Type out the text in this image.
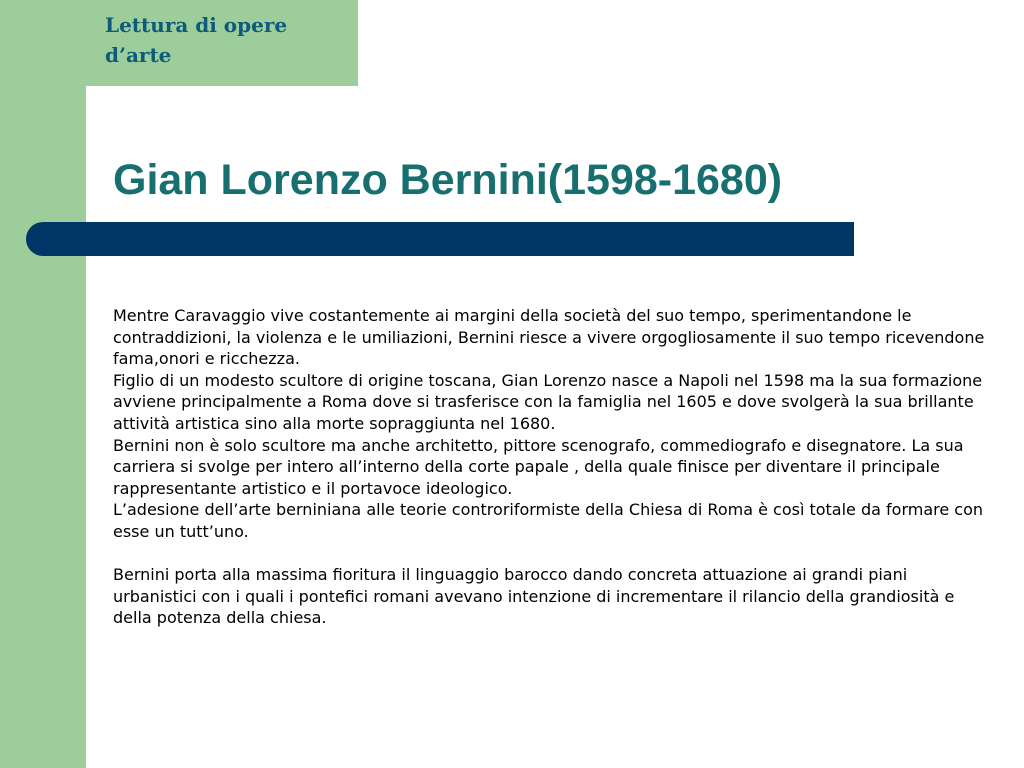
Lettura di opere
d’arte
Gian Lorenzo Bernini(1598-1680)

Mentre Caravaggio vive costantemente ai margini della società del suo tempo, sperimentandone le contraddizioni, la violenza e le umiliazioni, Bernini riesce a vivere orgogliosamente il suo tempo ricevendone fama,onori e ricchezza.

Figlio di un modesto scultore di origine toscana, Gian Lorenzo nasce a Napoli nel 1598 ma la sua formazione avviene principalmente a Roma dove si trasferisce con la famiglia nel 1605 e dove svolgerà la sua brillante attività artistica sino alla morte sopraggiunta nel 1680.

Bernini non è solo scultore ma anche architetto, pittore scenografo, commediografo e disegnatore. La sua carriera si svolge per intero all’interno della corte papale , della quale finisce per diventare il principale rappresentante artistico e il portavoce ideologico.

L’adesione dell’arte berniniana alle teorie controriformiste della Chiesa di Roma è così totale da formare con esse un tutt’uno.

Bernini porta alla massima fioritura il linguaggio barocco dando concreta attuazione ai grandi piani urbanistici con i quali i pontefici romani avevano intenzione di incrementare il rilancio della grandiosità e della potenza della chiesa.
